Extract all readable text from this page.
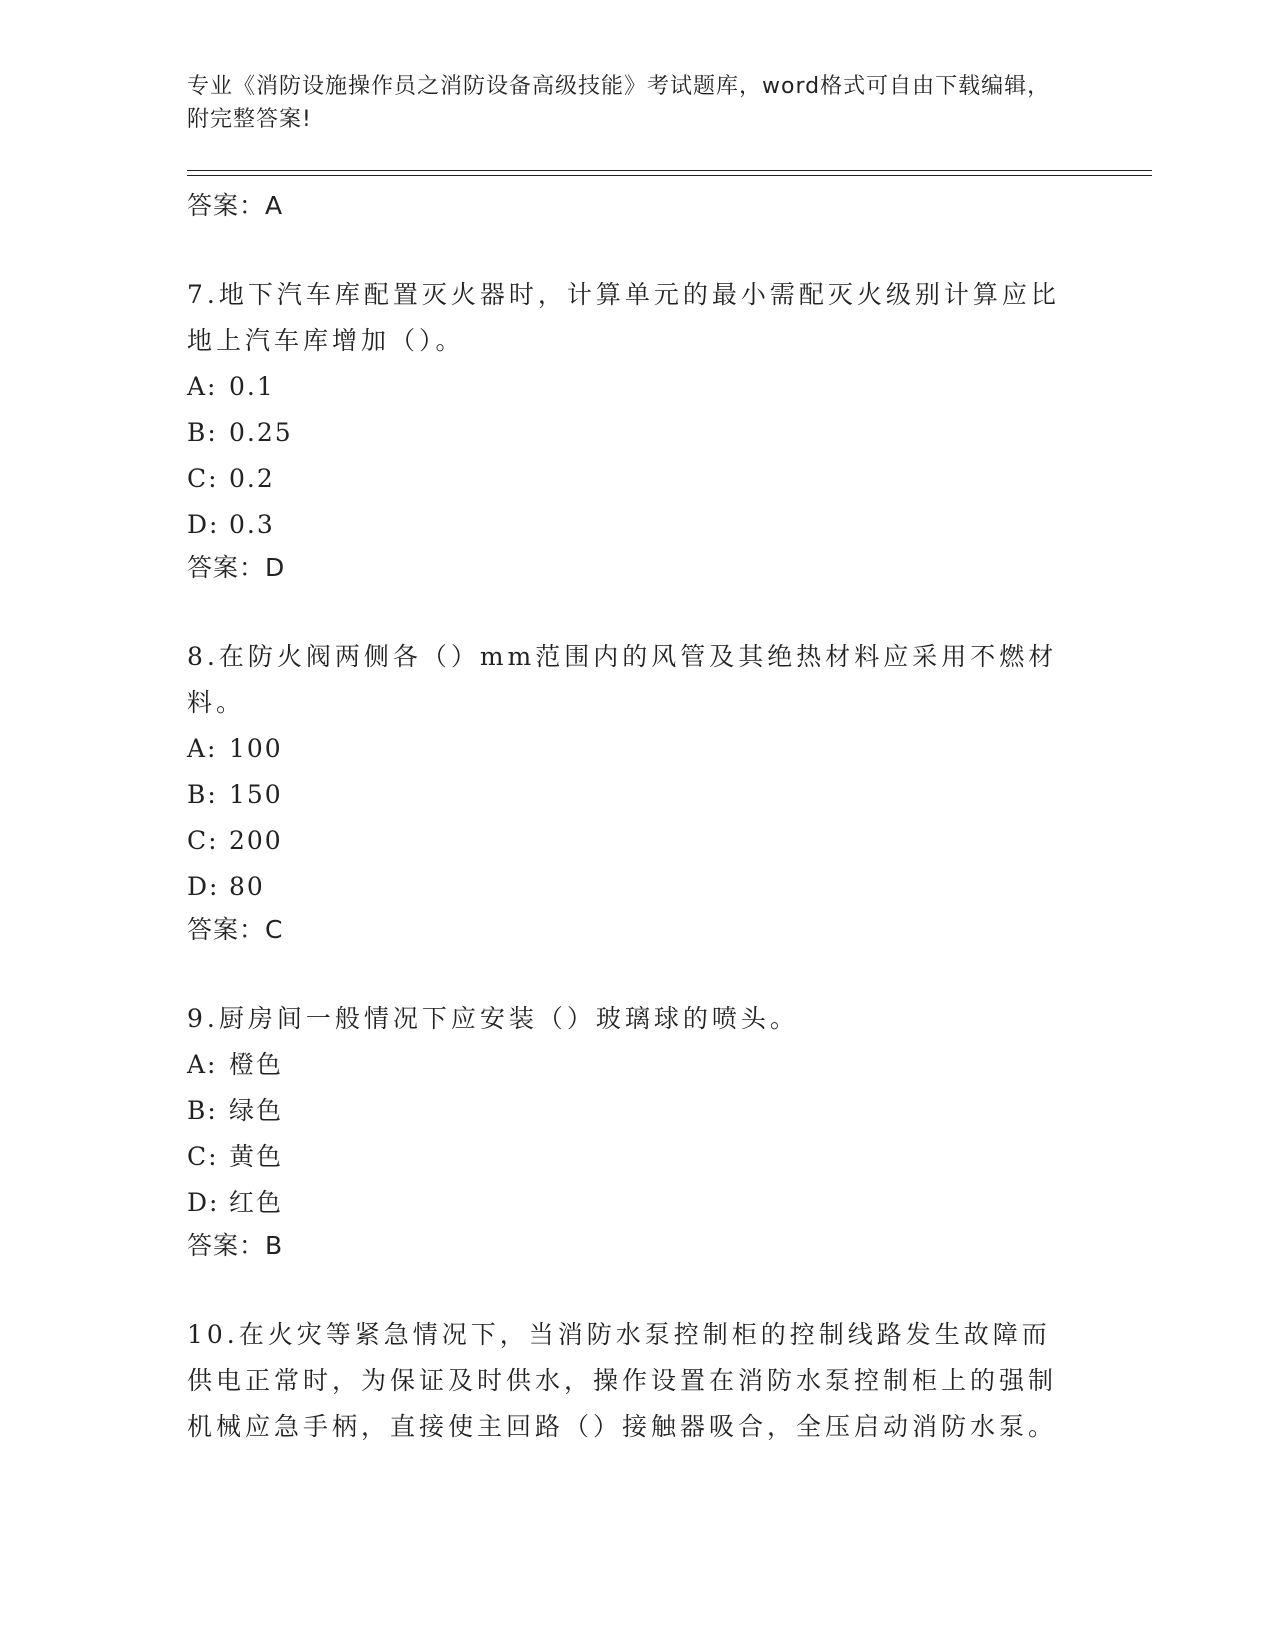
专业《消防设施操作员之消防设备高级技能》考试题库，word格式可自由下载编辑，附完整答案!
答案：A
7.地下汽车库配置灭火器时，计算单元的最小需配灭火级别计算应比地上汽车库增加（）。
A: 0.1
B: 0.25
C: 0.2
D: 0.3
答案：D
8.在防火阀两侧各（）mm范围内的风管及其绝热材料应采用不燃材料。
A: 100
B: 150
C: 200
D: 80
答案：C
9.厨房间一般情况下应安装（）玻璃球的喷头。
A: 橙色
B: 绿色
C: 黄色
D: 红色
答案：B
10.在火灾等紧急情况下，当消防水泵控制柜的控制线路发生故障而供电正常时，为保证及时供水，操作设置在消防水泵控制柜上的强制机械应急手柄，直接使主回路（）接触器吸合，全压启动消防水泵。
